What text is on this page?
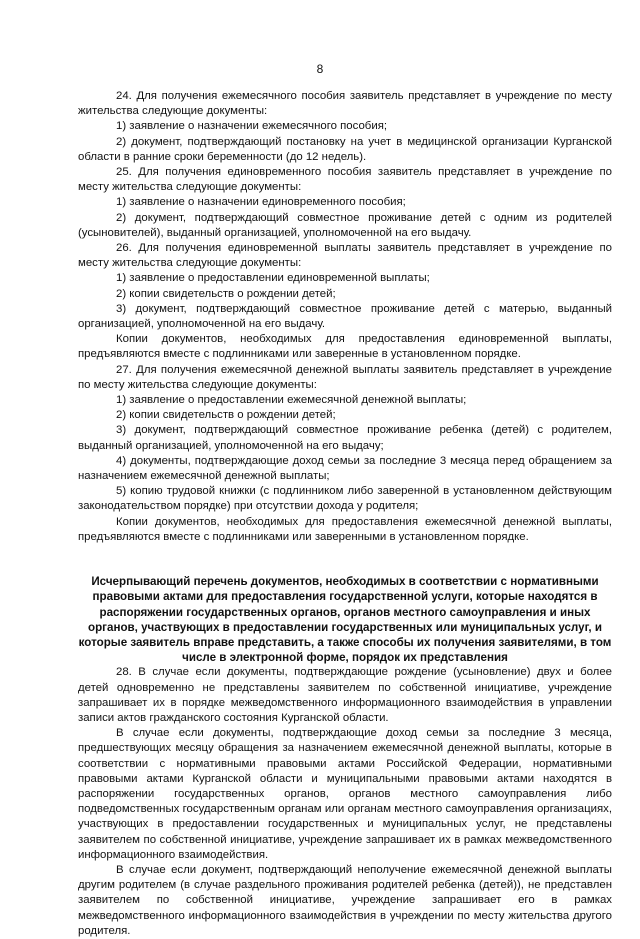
8

24. Для получения ежемесячного пособия заявитель представляет в учреждение по месту жительства следующие документы:

1) заявление о назначении ежемесячного пособия;

2) документ, подтверждающий постановку на учет в медицинской организации Курганской области в ранние сроки беременности (до 12 недель).

25. Для получения единовременного пособия заявитель представляет в учреждение по месту жительства следующие документы:

1) заявление о назначении единовременного пособия;

2) документ, подтверждающий совместное проживание детей с одним из родителей (усыновителей), выданный организацией, уполномоченной на его выдачу.

26. Для получения единовременной выплаты заявитель представляет в учреждение по месту жительства следующие документы:

1) заявление о предоставлении единовременной выплаты;

2) копии свидетельств о рождении детей;

3) документ, подтверждающий совместное проживание детей с матерью, выданный организацией, уполномоченной на его выдачу.

Копии документов, необходимых для предоставления единовременной выплаты, предъявляются вместе с подлинниками или заверенные в установленном порядке.

27. Для получения ежемесячной денежной выплаты заявитель представляет в учреждение по месту жительства следующие документы:

1) заявление о предоставлении ежемесячной денежной выплаты;

2) копии свидетельств о рождении детей;

3) документ, подтверждающий совместное проживание ребенка (детей) с родителем, выданный организацией, уполномоченной на его выдачу;

4) документы, подтверждающие доход семьи за последние 3 месяца перед обращением за назначением ежемесячной денежной выплаты;

5) копию трудовой книжки (с подлинником либо заверенной в установленном действующим законодательством порядке) при отсутствии дохода у родителя;

Копии документов, необходимых для предоставления ежемесячной денежной выплаты, предъявляются вместе с подлинниками или заверенными в установленном порядке.

Исчерпывающий перечень документов, необходимых в соответствии с нормативными правовыми актами для предоставления государственной услуги, которые находятся в распоряжении государственных органов, органов местного самоуправления и иных органов, участвующих в предоставлении государственных или муниципальных услуг, и которые заявитель вправе представить, а также способы их получения заявителями, в том числе в электронной форме, порядок их представления

28. В случае если документы, подтверждающие рождение (усыновление) двух и более детей одновременно не представлены заявителем по собственной инициативе, учреждение запрашивает их в порядке межведомственного информационного взаимодействия в управлении записи актов гражданского состояния Курганской области.

В случае если документы, подтверждающие доход семьи за последние 3 месяца, предшествующих месяцу обращения за назначением ежемесячной денежной выплаты, которые в соответствии с нормативными правовыми актами Российской Федерации, нормативными правовыми актами Курганской области и муниципальными правовыми актами находятся в распоряжении государственных органов, органов местного самоуправления либо подведомственных государственным органам или органам местного самоуправления организациях, участвующих в предоставлении государственных и муниципальных услуг, не представлены заявителем по собственной инициативе, учреждение запрашивает их в рамках межведомственного информационного взаимодействия.

В случае если документ, подтверждающий неполучение ежемесячной денежной выплаты другим родителем (в случае раздельного проживания родителей ребенка (детей)), не представлен заявителем по собственной инициативе, учреждение запрашивает его в рамках межведомственного информационного взаимодействия в учреждении по месту жительства другого родителя.
